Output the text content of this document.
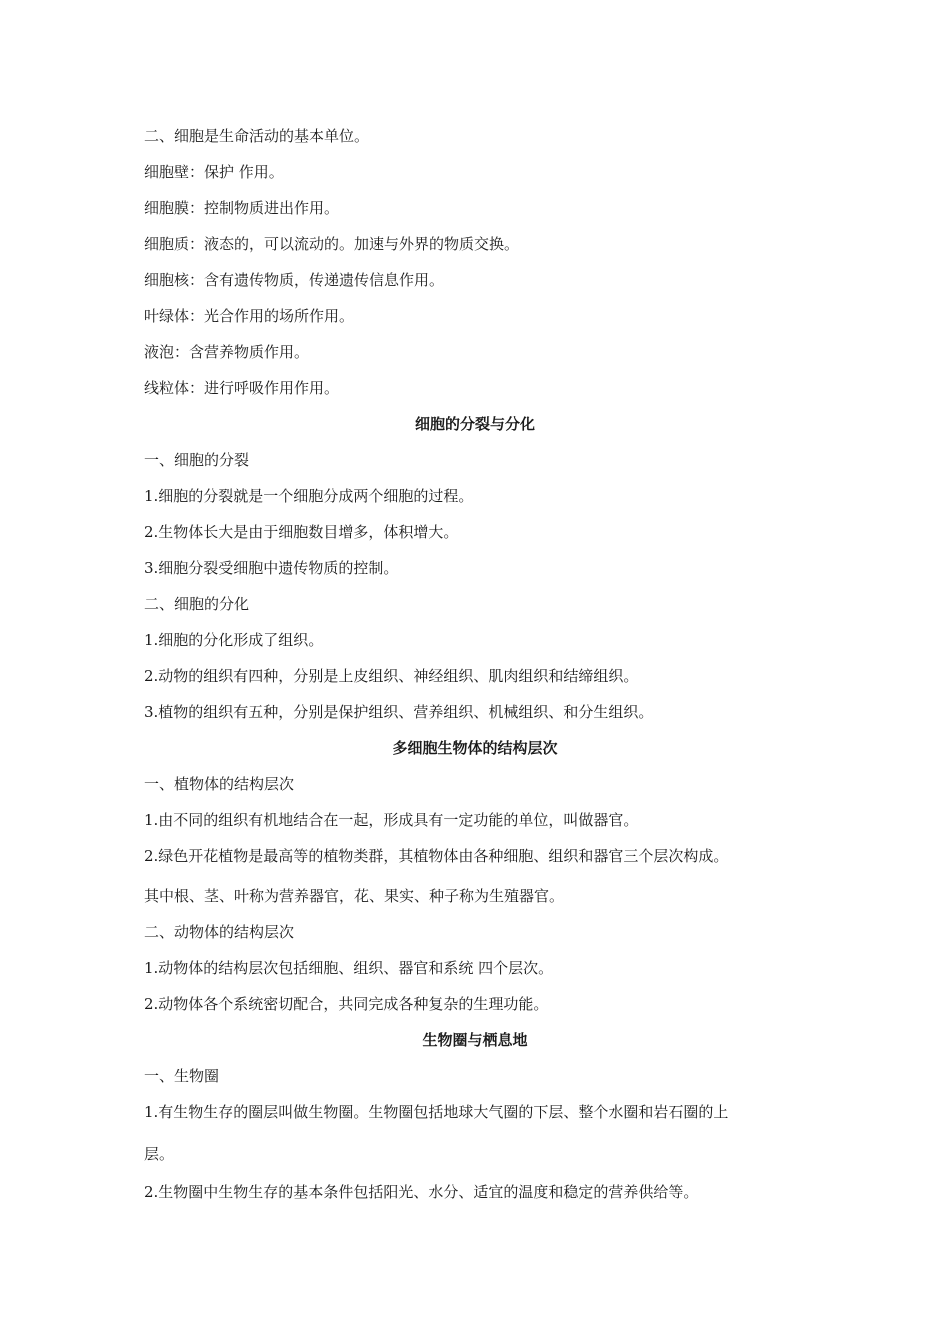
二、细胞是生命活动的基本单位。
细胞壁：保护 作用。
细胞膜：控制物质进出作用。
细胞质：液态的，可以流动的。加速与外界的物质交换。
细胞核：含有遗传物质，传递遗传信息作用。
叶绿体：光合作用的场所作用。
液泡：含营养物质作用。
线粒体：进行呼吸作用作用。
细胞的分裂与分化
一、细胞的分裂
1.细胞的分裂就是一个细胞分成两个细胞的过程。
2.生物体长大是由于细胞数目增多，体积增大。
3.细胞分裂受细胞中遗传物质的控制。
二、细胞的分化
1.细胞的分化形成了组织。
2.动物的组织有四种，分别是上皮组织、神经组织、肌肉组织和结缔组织。
3.植物的组织有五种，分别是保护组织、营养组织、机械组织、和分生组织。
多细胞生物体的结构层次
一、植物体的结构层次
1.由不同的组织有机地结合在一起，形成具有一定功能的单位，叫做器官。
2.绿色开花植物是最高等的植物类群，其植物体由各种细胞、组织和器官三个层次构成。
其中根、茎、叶称为营养器官，花、果实、种子称为生殖器官。
二、动物体的结构层次
1.动物体的结构层次包括细胞、组织、器官和系统 四个层次。
2.动物体各个系统密切配合，共同完成各种复杂的生理功能。
生物圈与栖息地
一、生物圈
1.有生物生存的圈层叫做生物圈。生物圈包括地球大气圈的下层、整个水圈和岩石圈的上
层。
2.生物圈中生物生存的基本条件包括阳光、水分、适宜的温度和稳定的营养供给等。
